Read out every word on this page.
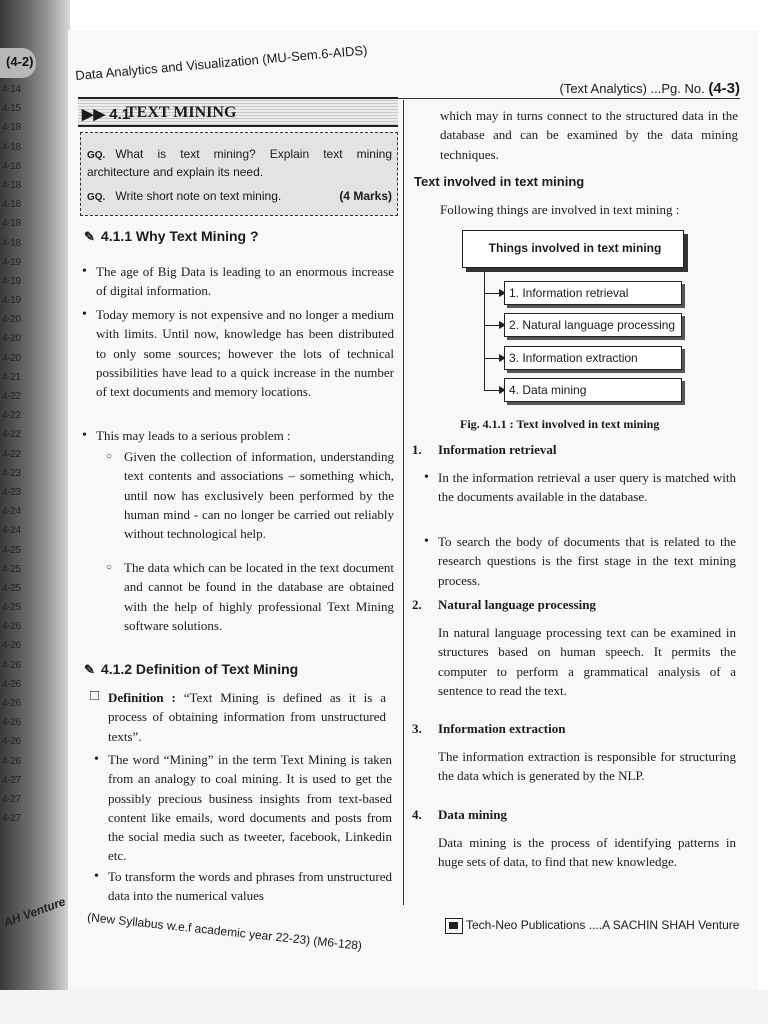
(4-2)
4-14
4-15
4-18
4-18
4-18
4-18
4-18
4-18
4-18
4-19
4-19
4-19
4-20
4-20
4-20
4-21
4-22
4-22
4-22
4-22
4-23
4-23
4-24
4-24
4-25
4-25
4-25
4-25
4-26
4-26
4-26
4-26
4-26
4-26
4-26
4-26
4-27
4-27
4-27
AH Venture
Data Analytics and Visualization (MU-Sem.6-AIDS)
(Text Analytics) ...Pg. No. (4-3)
▶▶ 4.1
TEXT MINING
GQ. What is text mining? Explain text mining architecture and explain its need.
GQ. Write short note on text mining.	(4 Marks)
✎ 4.1.1 Why Text Mining ?
• The age of Big Data is leading to an enormous increase of digital information.
• Today memory is not expensive and no longer a medium with limits. Until now, knowledge has been distributed to only some sources; however the lots of technical possibilities have lead to a quick increase in the number of text documents and memory locations.
• This may leads to a serious problem :
○ Given the collection of information, understanding text contents and associations – something which, until now has exclusively been performed by the human mind - can no longer be carried out reliably without technological help.
○ The data which can be located in the text document and cannot be found in the database are obtained with the help of highly professional Text Mining software solutions.
✎ 4.1.2 Definition of Text Mining
□ Definition : “Text Mining is defined as it is a process of obtaining information from unstructured texts”.
• The word “Mining” in the term Text Mining is taken from an analogy to coal mining. It is used to get the possibly precious business insights from text-based content like emails, word documents and posts from the social media such as tweeter, facebook, Linkedin etc.
• To transform the words and phrases from unstructured data into the numerical values
which may in turns connect to the structured data in the database and can be examined by the data mining techniques.
Text involved in text mining
Following things are involved in text mining :
Things involved in text mining
1. Information retrieval
2. Natural language processing
3. Information extraction
4. Data mining
Fig. 4.1.1 : Text involved in text mining
1. Information retrieval
• In the information retrieval a user query is matched with the documents available in the database.
• To search the body of documents that is related to the research questions is the first stage in the text mining process.
2. Natural language processing
In natural language processing text can be examined in structures based on human speech. It permits the computer to perform a grammatical analysis of a sentence to read the text.
3. Information extraction
The information extraction is responsible for structuring the data which is generated by the NLP.
4. Data mining
Data mining is the process of identifying patterns in huge sets of data, to find that new knowledge.
(New Syllabus w.e.f academic year 22-23) (M6-128)	Tech-Neo Publications ....A SACHIN SHAH Venture
